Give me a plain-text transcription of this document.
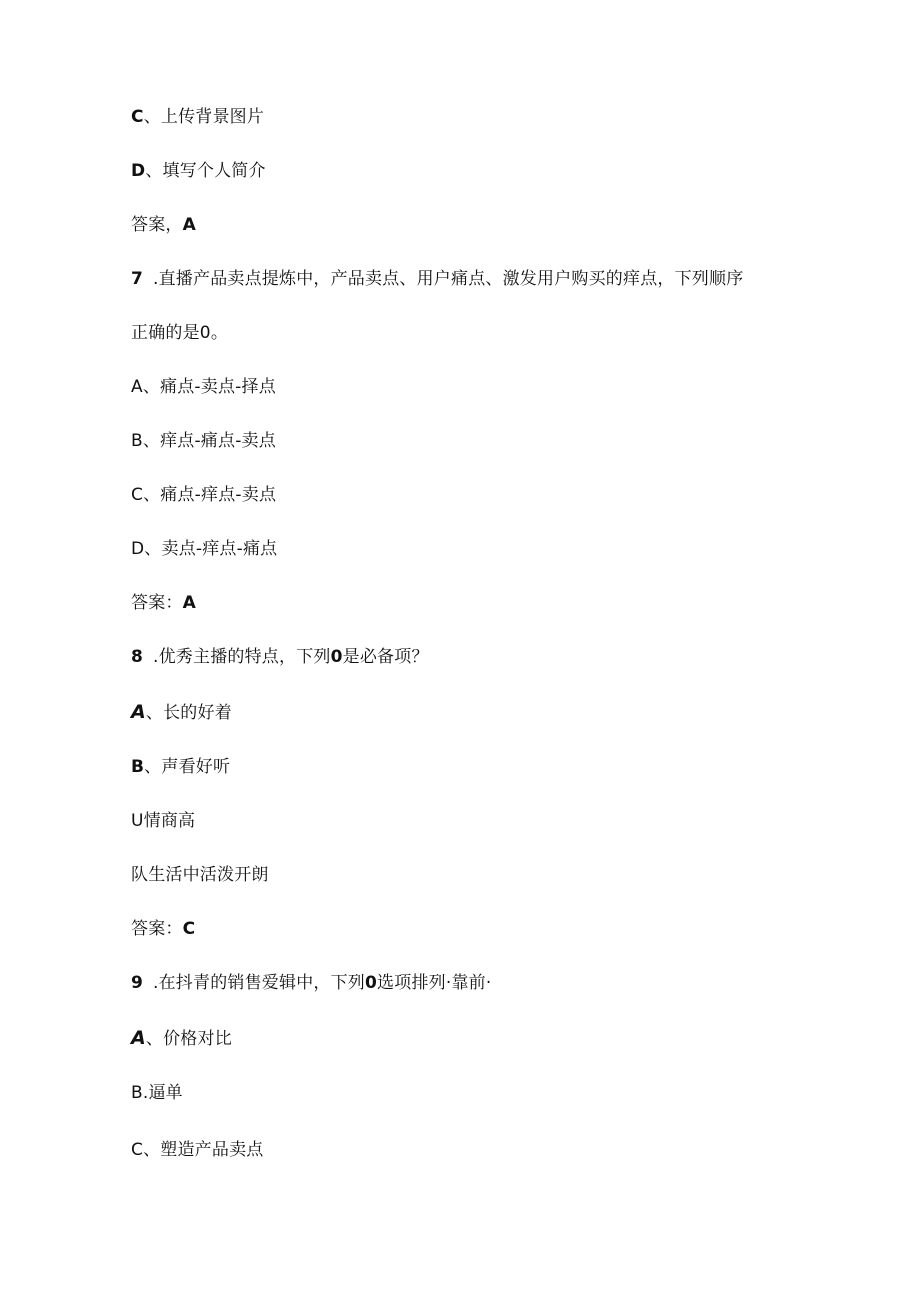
C、上传背景图片
D、填写个人简介
答案，A
7 .直播产品卖点提炼中，产品卖点、用户痛点、激发用户购买的痒点，下列顺序
正确的是0。
A、痛点-卖点-择点
B、痒点-痛点-卖点
C、痛点-痒点-卖点
D、卖点-痒点-痛点
答案：A
8 .优秀主播的特点，下列0是必备项？
A、长的好着
B、声看好听
U情商高
队生活中活泼开朗
答案：C
9 .在抖青的销售爱辑中，下列0选项排列·靠前·
A、价格对比
B.逼单
C、塑造产品卖点
